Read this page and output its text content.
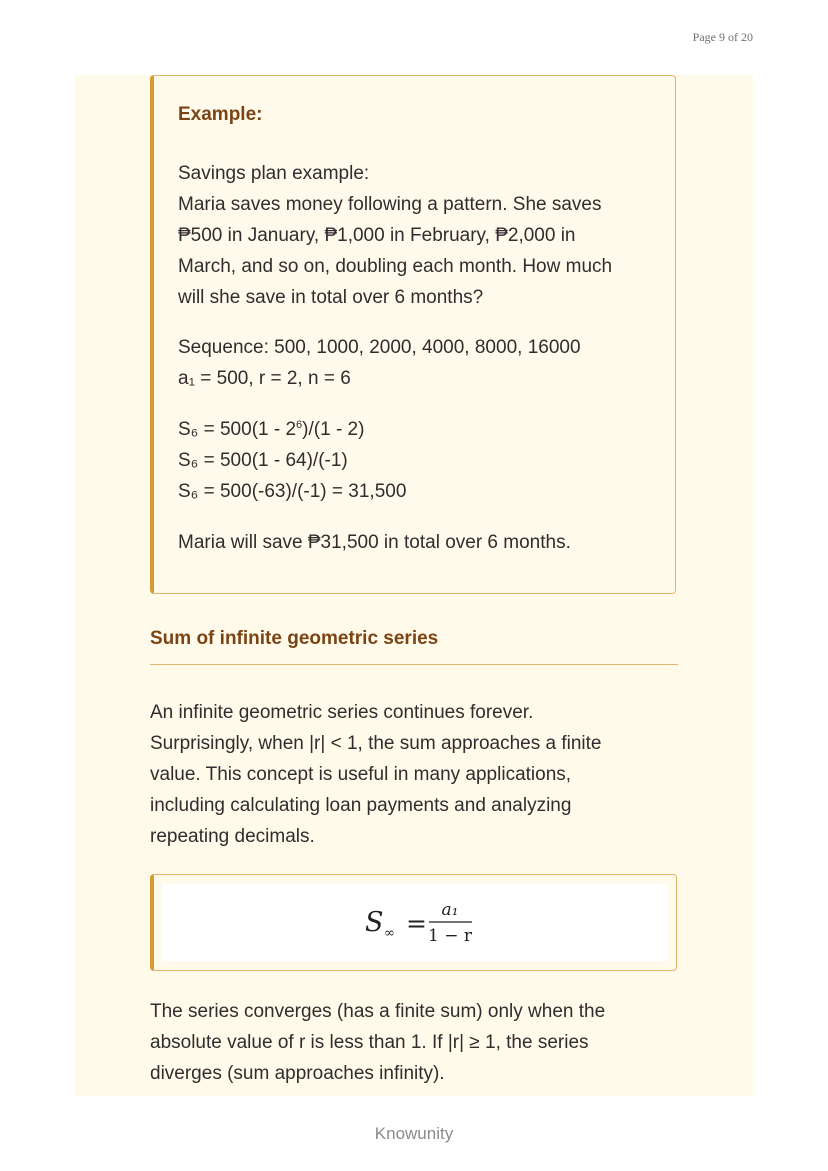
Page 9 of 20

Example:

Savings plan example:

Maria saves money following a pattern. She saves

₱500 in January, ₱1,000 in February, ₱2,000 in

March, and so on, doubling each month. How much

will she save in total over 6 months?

Sequence: 500, 1000, 2000, 4000, 8000, 16000

a₁ = 500, r = 2, n = 6

$S_6 = 500(1 - 2^6)/(1 - 2)$

S₆ = 500(1 - 64)/(-1)

S₆ = 500(-63)/(-1) = 31,500

Maria will save ₱31,500 in total over 6 months.

Sum of infinite geometric series
An infinite geometric series continues forever.
Surprisingly, when |r| < 1, the sum approaches a finite
value. This concept is useful in many applications,
including calculating loan payments and analyzing
repeating decimals.
S ∞ = a₁
1 − r
The series converges (has a finite sum) only when the
absolute value of r is less than 1. If |r| ≥ 1, the series
diverges (sum approaches infinity).
Knowunity
